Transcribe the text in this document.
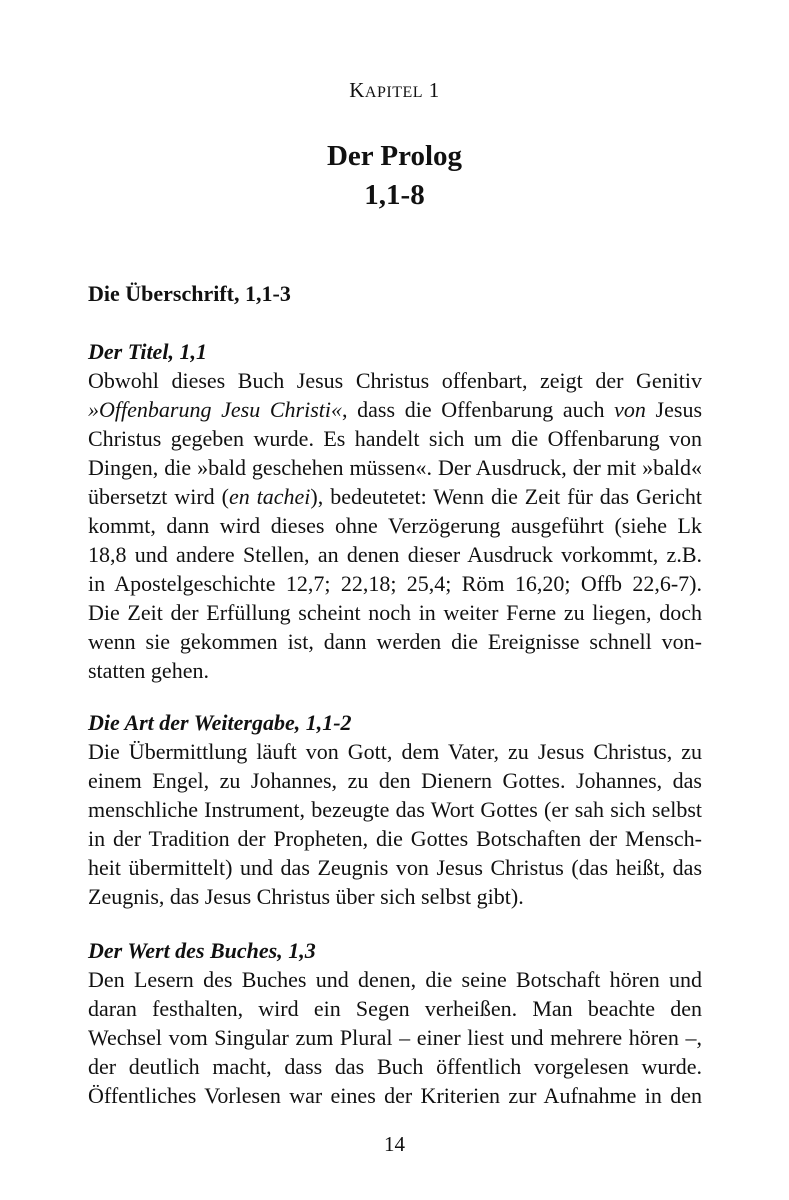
KAPITEL 1
Der Prolog
1,1-8
Die Überschrift, 1,1-3
Der Titel, 1,1
Obwohl dieses Buch Jesus Christus offenbart, zeigt der Genitiv
»Offenbarung Jesu Christi«, dass die Offenbarung auch von Jesus
Christus gegeben wurde. Es handelt sich um die Offenbarung von
Dingen, die »bald geschehen müssen«. Der Ausdruck, der mit »bald«
übersetzt wird (en tachei), bedeutetet: Wenn die Zeit für das Gericht
kommt, dann wird dieses ohne Verzögerung ausgeführt (siehe Lk
18,8 und andere Stellen, an denen dieser Ausdruck vorkommt, z.B.
in Apostelgeschichte 12,7; 22,18; 25,4; Röm 16,20; Offb 22,6-7).
Die Zeit der Erfüllung scheint noch in weiter Ferne zu liegen, doch
wenn sie gekommen ist, dann werden die Ereignisse schnell von-
statten gehen.
Die Art der Weitergabe, 1,1-2
Die Übermittlung läuft von Gott, dem Vater, zu Jesus Christus, zu
einem Engel, zu Johannes, zu den Dienern Gottes. Johannes, das
menschliche Instrument, bezeugte das Wort Gottes (er sah sich selbst
in der Tradition der Propheten, die Gottes Botschaften der Mensch-
heit übermittelt) und das Zeugnis von Jesus Christus (das heißt, das
Zeugnis, das Jesus Christus über sich selbst gibt).
Der Wert des Buches, 1,3
Den Lesern des Buches und denen, die seine Botschaft hören und
daran festhalten, wird ein Segen verheißen. Man beachte den
Wechsel vom Singular zum Plural – einer liest und mehrere hören –,
der deutlich macht, dass das Buch öffentlich vorgelesen wurde.
Öffentliches Vorlesen war eines der Kriterien zur Aufnahme in den
14
